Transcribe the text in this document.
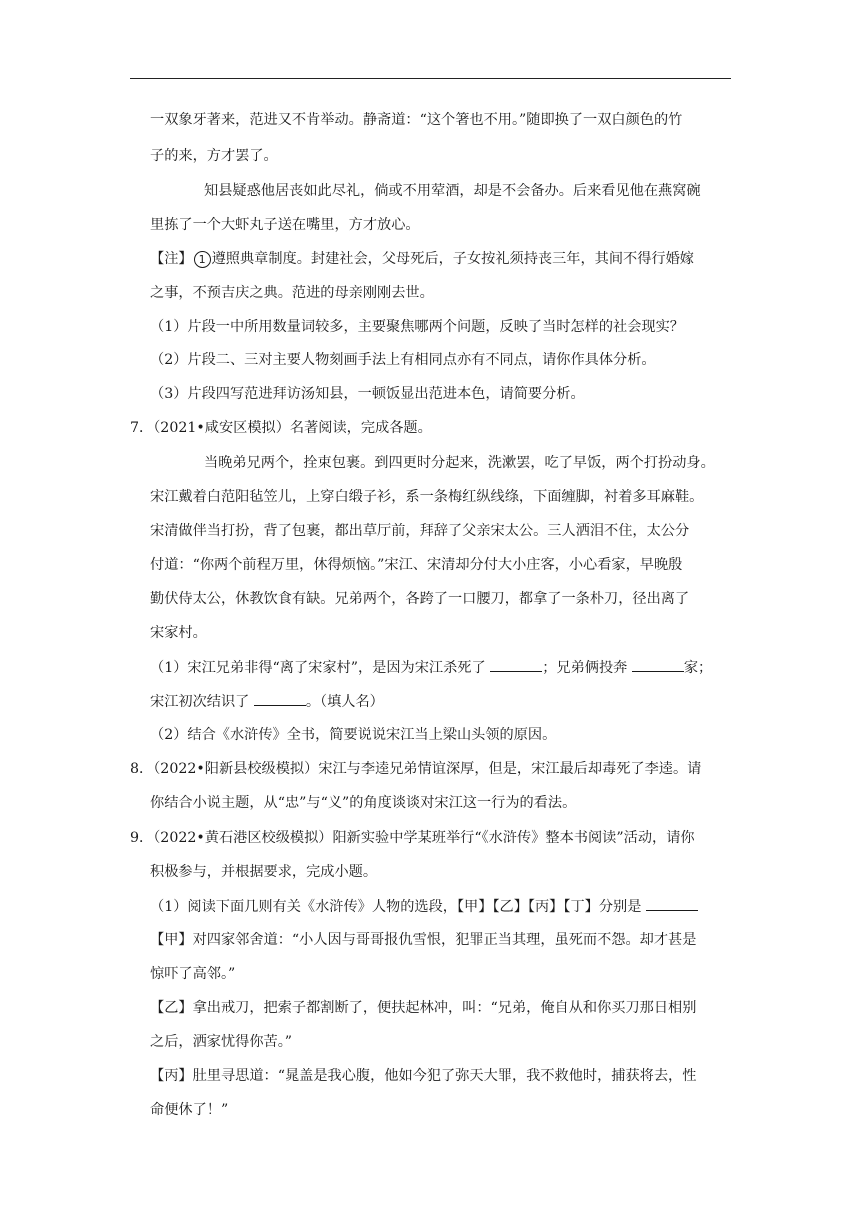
一双象牙著来，范进又不肯举动。静斋道：“这个箸也不用。”随即换了一双白颜色的竹
子的来，方才罢了。
知县疑惑他居丧如此尽礼，倘或不用荤酒，却是不会备办。后来看见他在燕窝碗
里拣了一个大虾丸子送在嘴里，方才放心。
【注】 1 遵照典章制度。封建社会，父母死后，子女按礼须持丧三年，其间不得行婚嫁
之事，不预吉庆之典。范进的母亲刚刚去世。
（1）片段一中所用数量词较多，主要聚焦哪两个问题，反映了当时怎样的社会现实？
（2）片段二、三对主要人物刻画手法上有相同点亦有不同点，请你作具体分析。
（3）片段四写范进拜访汤知县，一顿饭显出范进本色，请简要分析。
7．（2021•咸安区模拟）名著阅读，完成各题。
当晚弟兄两个，拴束包裹。到四更时分起来，洗漱罢，吃了早饭，两个打扮动身。
宋江戴着白范阳毡笠儿，上穿白缎子衫，系一条梅红纵线绦，下面缠脚，衬着多耳麻鞋。
宋清做伴当打扮，背了包裹，都出草厅前，拜辞了父亲宋太公。三人洒泪不住，太公分
付道：“你两个前程万里，休得烦恼。”宋江、宋清却分付大小庄客，小心看家，早晚殷
勤伏侍太公，休教饮食有缺。兄弟两个，各跨了一口腰刀，都拿了一条朴刀，径出离了
宋家村。
（1）宋江兄弟非得“离了宋家村”，是因为宋江杀死了	；兄弟俩投奔	家；
宋江初次结识了	。（填人名）
（2）结合《水浒传》全书，简要说说宋江当上梁山头领的原因。
8．（2022•阳新县校级模拟）宋江与李逵兄弟情谊深厚，但是，宋江最后却毒死了李逵。请
你结合小说主题，从“忠”与“义”的角度谈谈对宋江这一行为的看法。
9．（2022•黄石港区校级模拟）阳新实验中学某班举行“《水浒传》整本书阅读”活动，请你
积极参与，并根据要求，完成小题。
（1）阅读下面几则有关《水浒传》人物的选段，【甲】【乙】【丙】【丁】分别是
【甲】对四家邻舍道：“小人因与哥哥报仇雪恨，犯罪正当其理，虽死而不怨。却才甚是
惊吓了高邻。”
【乙】拿出戒刀，把索子都割断了，便扶起林冲，叫：“兄弟，俺自从和你买刀那日相别
之后，洒家忧得你苦。”
【丙】肚里寻思道：“晁盖是我心腹，他如今犯了弥天大罪，我不救他时，捕获将去，性
命便休了！”
